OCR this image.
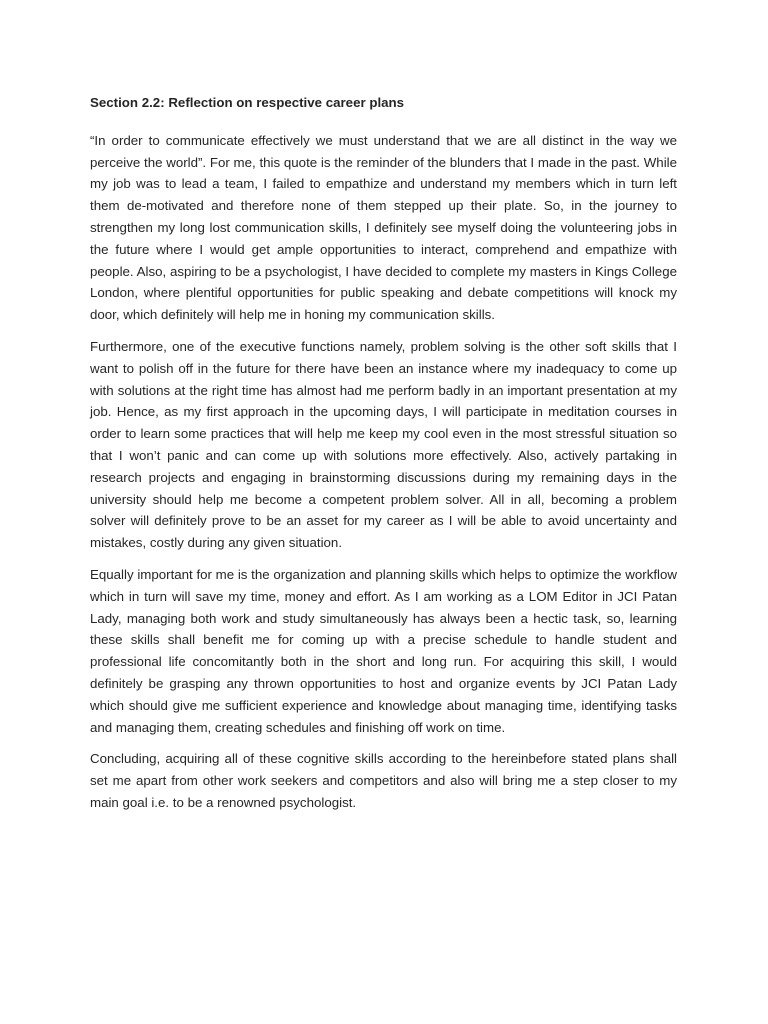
Section 2.2: Reflection on respective career plans

“In order to communicate effectively we must understand that we are all distinct in the way we perceive the world”. For me, this quote is the reminder of the blunders that I made in the past. While my job was to lead a team, I failed to empathize and understand my members which in turn left them de-motivated and therefore none of them stepped up their plate. So, in the journey to strengthen my long lost communication skills, I definitely see myself doing the volunteering jobs in the future where I would get ample opportunities to interact, comprehend and empathize with people. Also, aspiring to be a psychologist, I have decided to complete my masters in Kings College London, where plentiful opportunities for public speaking and debate competitions will knock my door, which definitely will help me in honing my communication skills.

Furthermore, one of the executive functions namely, problem solving is the other soft skills that I want to polish off in the future for there have been an instance where my inadequacy to come up with solutions at the right time has almost had me perform badly in an important presentation at my job. Hence, as my first approach in the upcoming days, I will participate in meditation courses in order to learn some practices that will help me keep my cool even in the most stressful situation so that I won’t panic and can come up with solutions more effectively. Also, actively partaking in research projects and engaging in brainstorming discussions during my remaining days in the university should help me become a competent problem solver. All in all, becoming a problem solver will definitely prove to be an asset for my career as I will be able to avoid uncertainty and mistakes, costly during any given situation.

Equally important for me is the organization and planning skills which helps to optimize the workflow which in turn will save my time, money and effort. As I am working as a LOM Editor in JCI Patan Lady, managing both work and study simultaneously has always been a hectic task, so, learning these skills shall benefit me for coming up with a precise schedule to handle student and professional life concomitantly both in the short and long run. For acquiring this skill, I would definitely be grasping any thrown opportunities to host and organize events by JCI Patan Lady which should give me sufficient experience and knowledge about managing time, identifying tasks and managing them, creating schedules and finishing off work on time.

Concluding, acquiring all of these cognitive skills according to the hereinbefore stated plans shall set me apart from other work seekers and competitors and also will bring me a step closer to my main goal i.e. to be a renowned psychologist.
